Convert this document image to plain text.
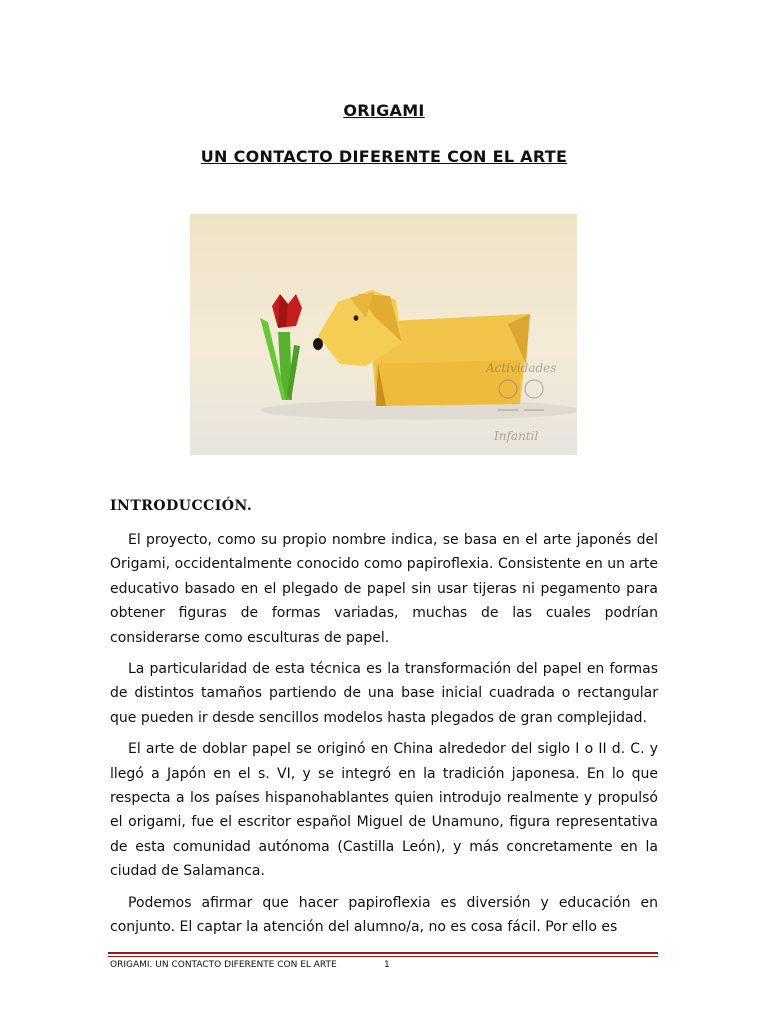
ORIGAMI
UN CONTACTO DIFERENTE CON EL ARTE
Actividades
Infantil
INTRODUCCIÓN.

El proyecto, como su propio nombre indica, se basa en el arte japonés del Origami, occidentalmente conocido como papiroflexia. Consistente en un arte educativo basado en el plegado de papel sin usar tijeras ni pegamento para obtener figuras de formas variadas, muchas de las cuales podrían considerarse como esculturas de papel.

La particularidad de esta técnica es la transformación del papel en formas de distintos tamaños partiendo de una base inicial cuadrada o rectangular que pueden ir desde sencillos modelos hasta plegados de gran complejidad.

El arte de doblar papel se originó en China alrededor del siglo I o II d. C. y llegó a Japón en el s. VI, y se integró en la tradición japonesa. En lo que respecta a los países hispanohablantes quien introdujo realmente y propulsó el origami, fue el escritor español Miguel de Unamuno, figura representativa de esta comunidad autónoma (Castilla León), y más concretamente en la ciudad de Salamanca.

Podemos afirmar que hacer papiroflexia es diversión y educación en conjunto. El captar la atención del alumno/a, no es cosa fácil. Por ello es

ORIGAMI. UN CONTACTO DIFERENTE CON EL ARTE	1
